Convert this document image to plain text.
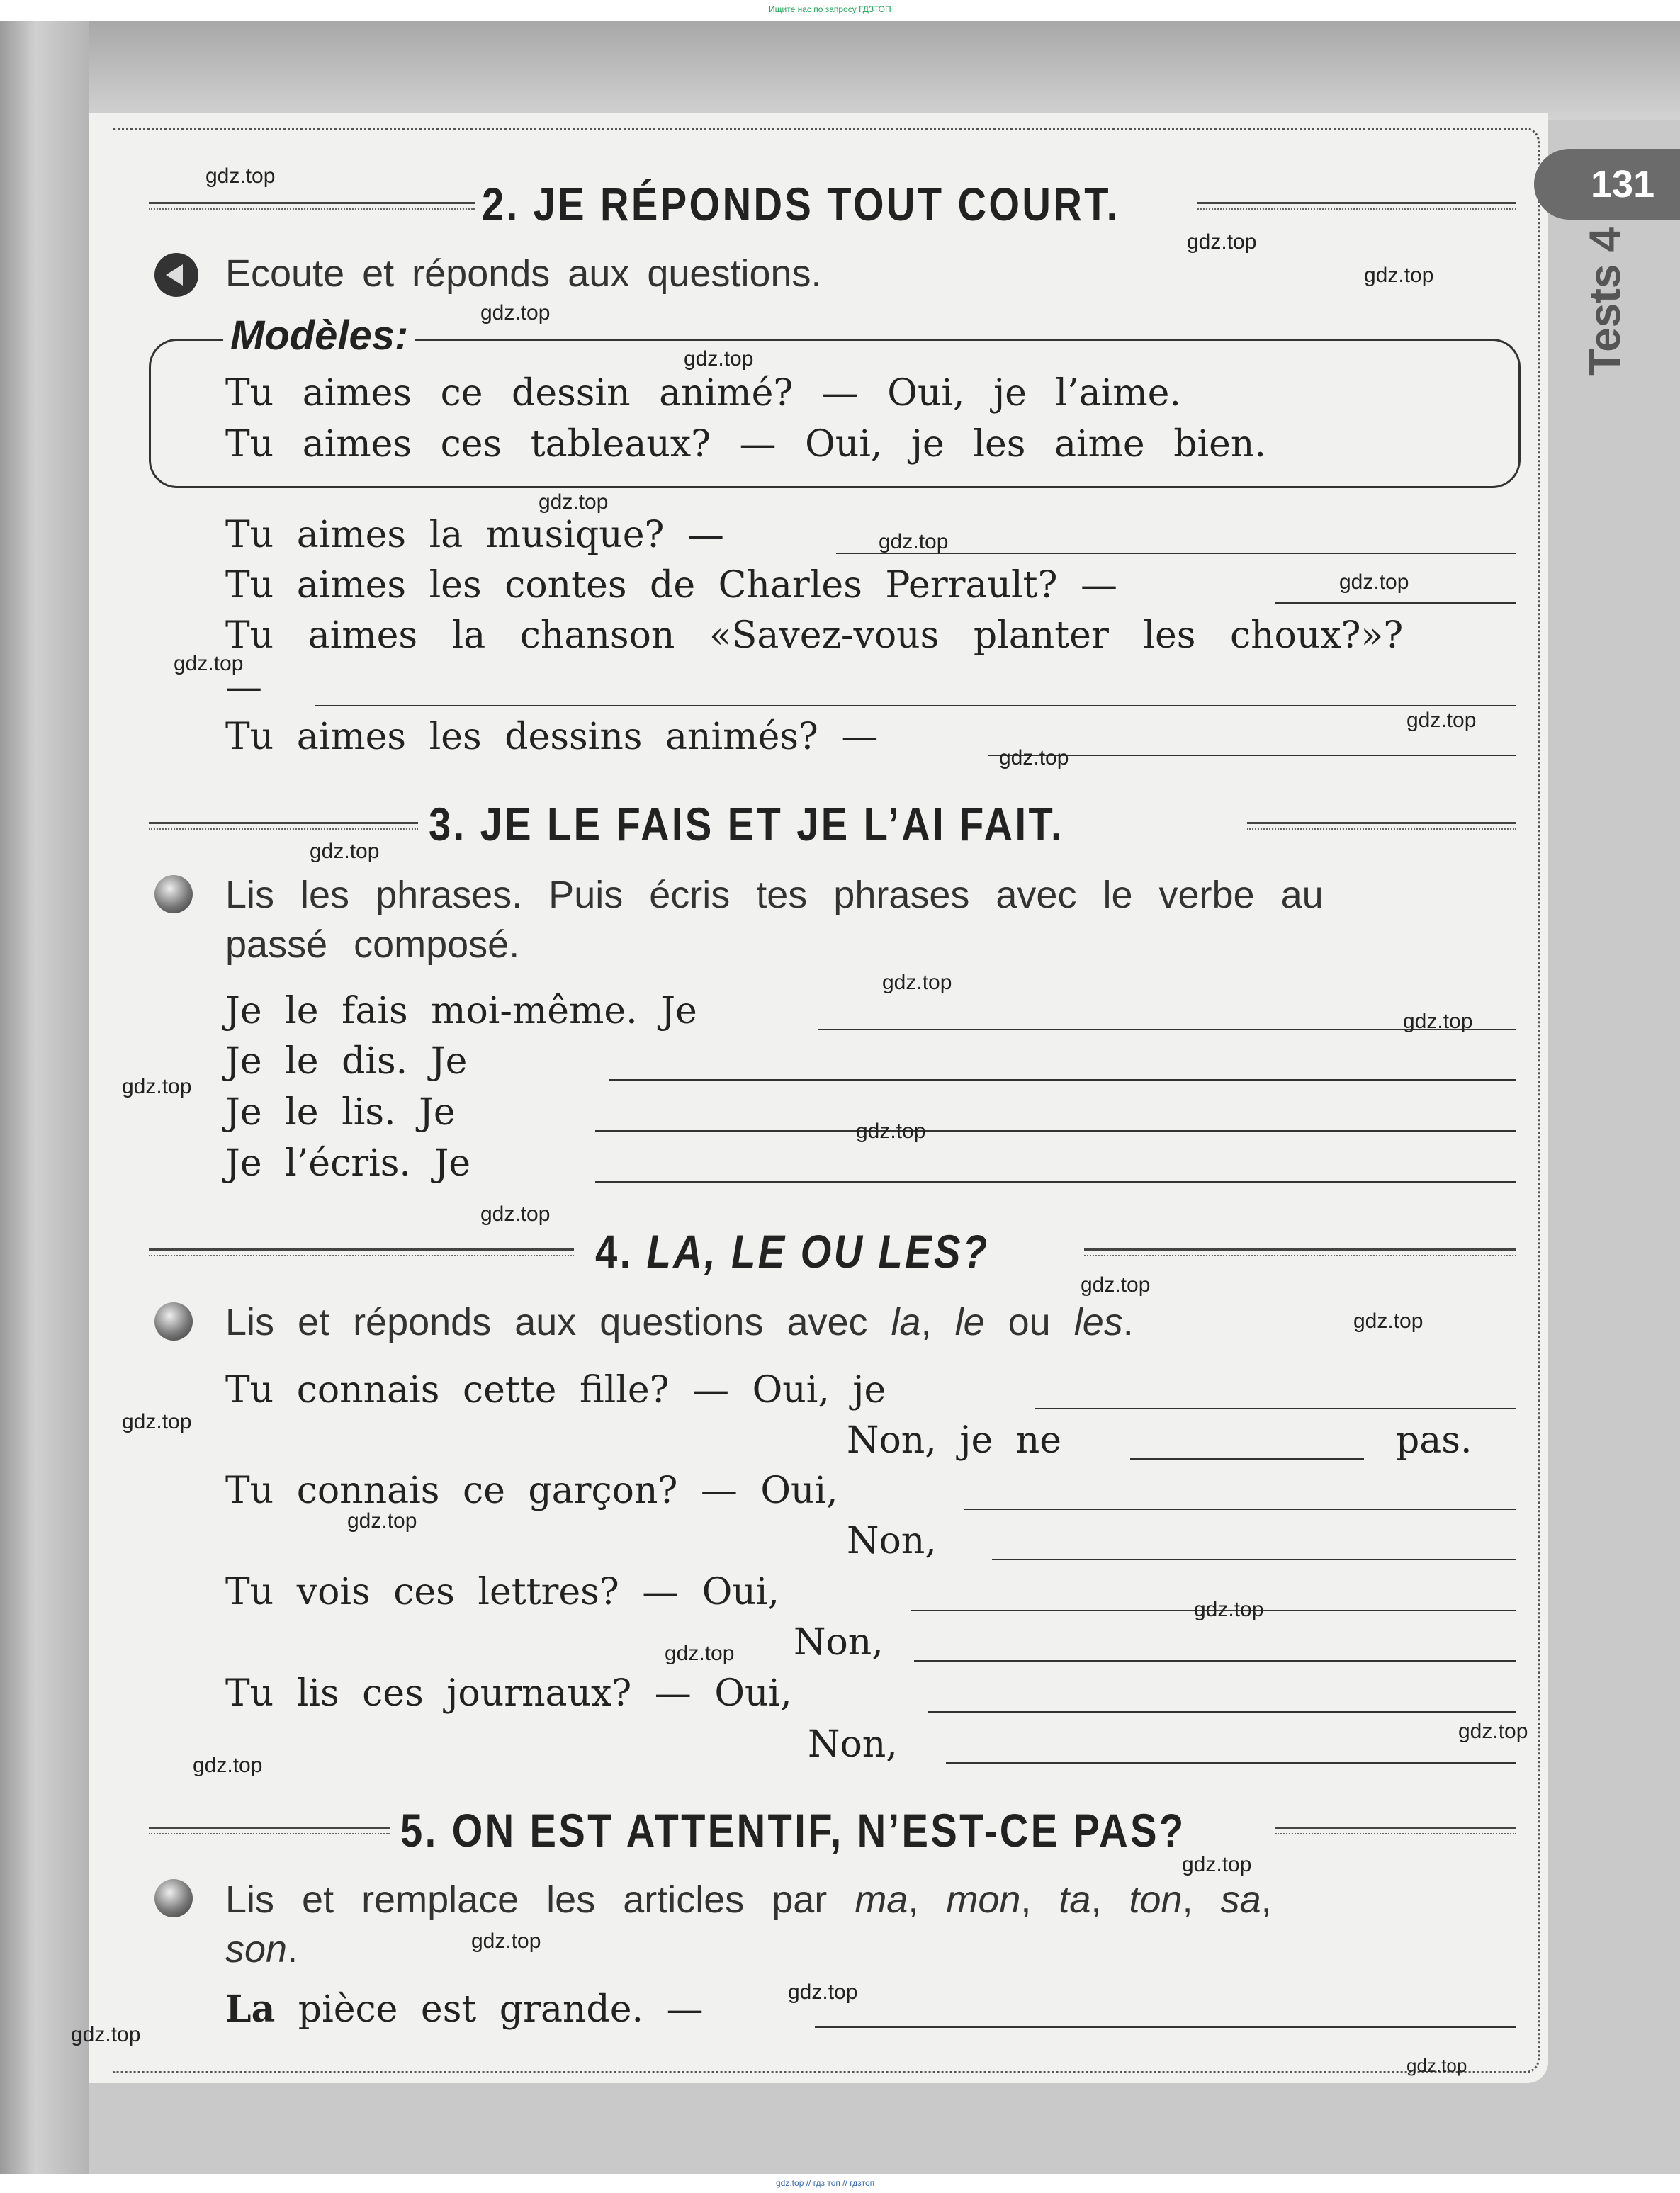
Ищите нас по запросу ГДЗТОП
131
Tests 4
2. JE RÉPONDS TOUT COURT.
Ecoute et réponds aux questions.
Modèles:
Tu aimes ce dessin animé? — Oui, je l’aime.
Tu aimes ces tableaux? — Oui, je les aime bien.
Tu aimes la musique? —
Tu aimes les contes de Charles Perrault? —
Tu aimes la chanson «Savez-vous planter les choux?»?
—
Tu aimes les dessins animés? —
3. JE LE FAIS ET JE L’AI FAIT.
Lis les phrases. Puis écris tes phrases avec le verbe au
passé composé.
Je le fais moi-même. Je
Je le dis. Je
Je le lis. Je
Je l’écris. Je
4. LA, LE OU LES?
Lis et réponds aux questions avec la, le ou les.
Tu connais cette fille? — Oui, je
Non, je ne	pas.
Tu connais ce garçon? — Oui,
Non,
Tu vois ces lettres? — Oui,
Non,
Tu lis ces journaux? — Oui,
Non,
5. ON EST ATTENTIF, N’EST-CE PAS?
Lis et remplace les articles par ma, mon, ta, ton, sa,
son.
La pièce est grande. —
gdz.top
gdz.top
gdz.top
gdz.top
gdz.top
gdz.top
gdz.top
gdz.top
gdz.top
gdz.top
gdz.top
gdz.top
gdz.top
gdz.top
gdz.top
gdz.top
gdz.top
gdz.top
gdz.top
gdz.top
gdz.top
gdz.top
gdz.top
gdz.top
gdz.top
gdz.top
gdz.top
gdz.top
gdz.top
gdz.top
gdz.top // гдз топ // гдзтоп
